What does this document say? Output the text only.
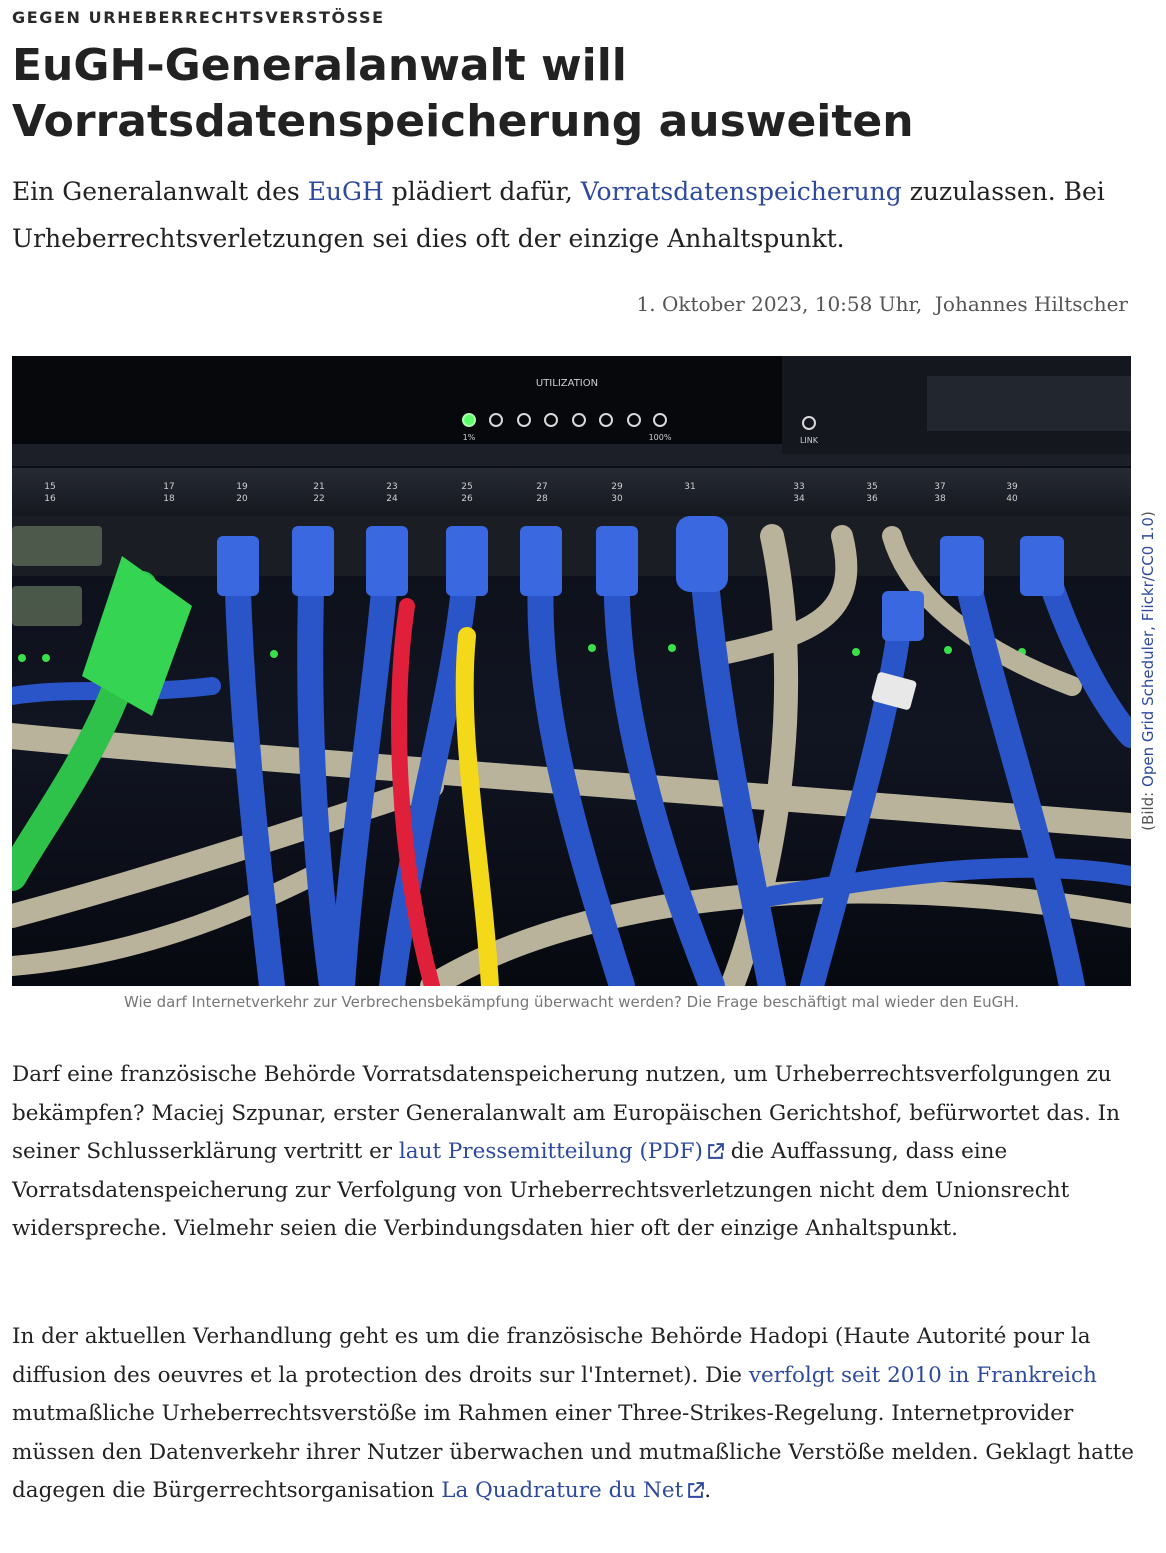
GEGEN URHEBERRECHTSVERSTÖSSE
EuGH-Generalanwalt will
Vorratsdatenspeicherung ausweiten

Ein Generalanwalt des EuGH plädiert dafür, Vorratsdatenspeicherung zuzulassen. Bei Urheberrechtsverletzungen sei dies oft der einzige Anhaltspunkt.

1. Oktober 2023, 10:58 Uhr, Johannes Hiltscher
UTILIZATION
1%	100%	LINK
15
16
17
18
19
20
21
22
23
24
25
26
27
28
29
30
31	33
34
35
36
37
38
39
40
(Bild: Open Grid Scheduler, Flickr/CC0 1.0)
Wie darf Internetverkehr zur Verbrechensbekämpfung überwacht werden? Die Frage beschäftigt mal wieder den EuGH.

Darf eine französische Behörde Vorratsdatenspeicherung nutzen, um Urheberrechtsverfolgungen zu bekämpfen? Maciej Szpunar, erster Generalanwalt am Europäischen Gerichtshof, befürwortet das. In seiner Schlusserklärung vertritt er laut Pressemitteilung (PDF) die Auffassung, dass eine Vorratsdatenspeicherung zur Verfolgung von Urheberrechtsverletzungen nicht dem Unionsrecht widerspreche. Vielmehr seien die Verbindungsdaten hier oft der einzige Anhaltspunkt.

In der aktuellen Verhandlung geht es um die französische Behörde Hadopi (Haute Autorité pour la diffusion des oeuvres et la protection des droits sur l'Internet). Die verfolgt seit 2010 in Frankreich mutmaßliche Urheberrechtsverstöße im Rahmen einer Three-Strikes-Regelung. Internetprovider müssen den Datenverkehr ihrer Nutzer überwachen und mutmaßliche Verstöße melden. Geklagt hatte dagegen die Bürgerrechtsorganisation La Quadrature du Net .
